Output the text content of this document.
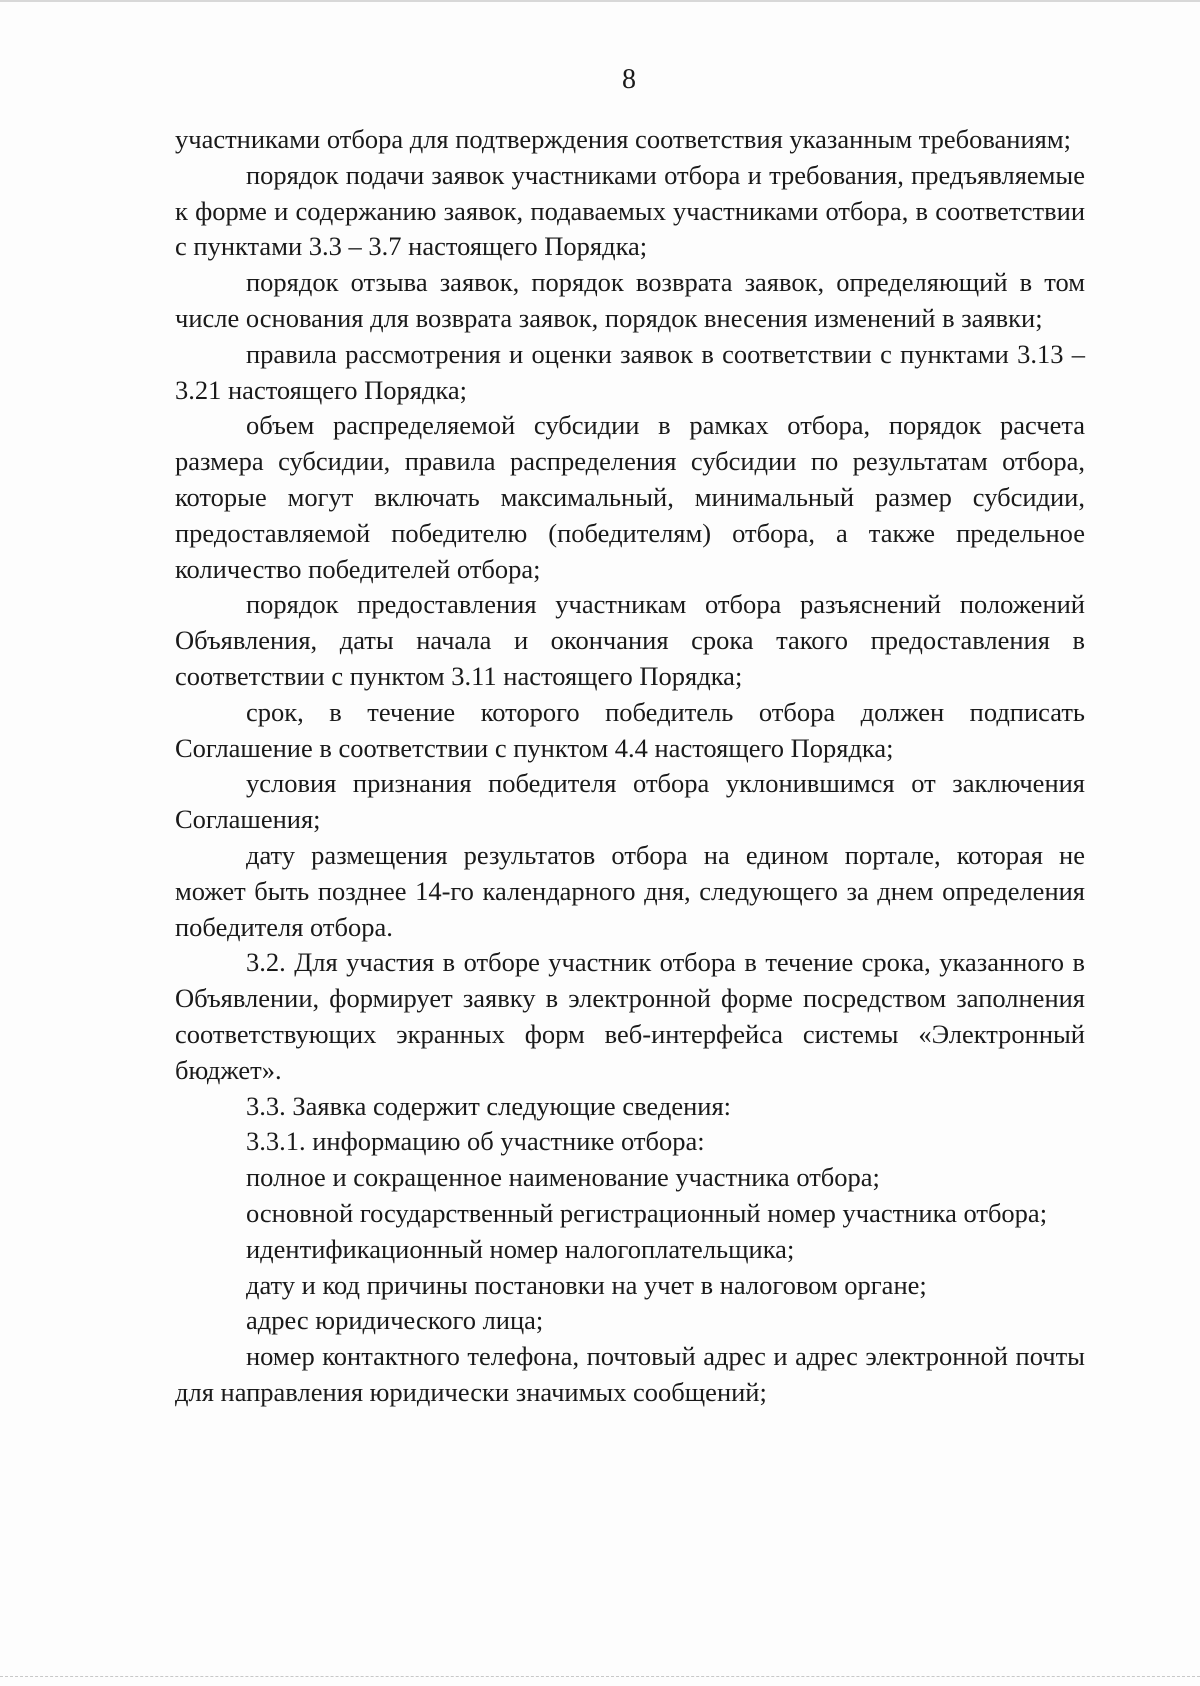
8

участниками отбора для подтверждения соответствия указанным требованиям;

порядок подачи заявок участниками отбора и требования, предъявляемые к форме и содержанию заявок, подаваемых участниками отбора, в соответствии с пунктами 3.3 – 3.7 настоящего Порядка;

порядок отзыва заявок, порядок возврата заявок, определяющий в том числе основания для возврата заявок, порядок внесения изменений в заявки;

правила рассмотрения и оценки заявок в соответствии с пунктами 3.13 – 3.21 настоящего Порядка;

объем распределяемой субсидии в рамках отбора, порядок расчета размера субсидии, правила распределения субсидии по результатам отбора, которые могут включать максимальный, минимальный размер субсидии, предоставляемой победителю (победителям) отбора, а также предельное количество победителей отбора;

порядок предоставления участникам отбора разъяснений положений Объявления, даты начала и окончания срока такого предоставления в соответствии с пунктом 3.11 настоящего Порядка;

срок, в течение которого победитель отбора должен подписать Соглашение в соответствии с пунктом 4.4 настоящего Порядка;

условия признания победителя отбора уклонившимся от заключения Соглашения;

дату размещения результатов отбора на едином портале, которая не может быть позднее 14-го календарного дня, следующего за днем определения победителя отбора.

3.2. Для участия в отборе участник отбора в течение срока, указанного в Объявлении, формирует заявку в электронной форме посредством заполнения соответствующих экранных форм веб-интерфейса системы «Электронный бюджет».

3.3. Заявка содержит следующие сведения:

3.3.1. информацию об участнике отбора:

полное и сокращенное наименование участника отбора;

основной государственный регистрационный номер участника отбора;

идентификационный номер налогоплательщика;

дату и код причины постановки на учет в налоговом органе;

адрес юридического лица;

номер контактного телефона, почтовый адрес и адрес электронной почты для направления юридически значимых сообщений;
